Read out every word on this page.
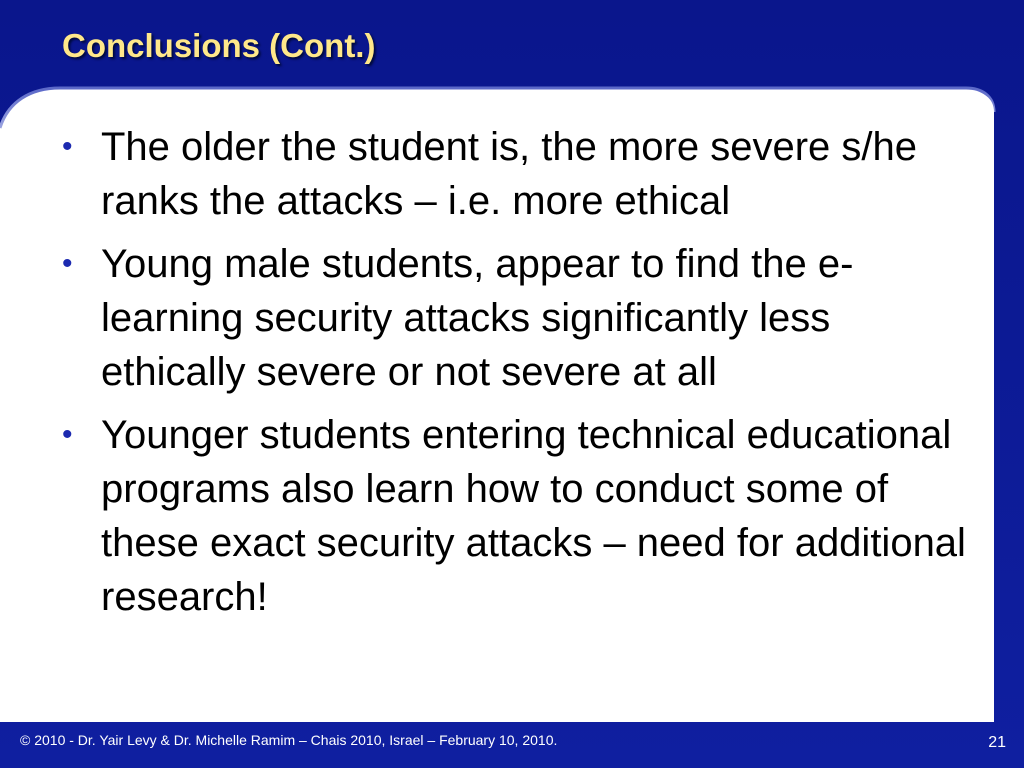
Conclusions (Cont.)
• The older the student is, the more severe s/he ranks the attacks – i.e. more ethical
• Young male students, appear to find the e-learning security attacks significantly less ethically severe or not severe at all
• Younger students entering technical educational programs also learn how to conduct some of these exact security attacks – need for additional research!
© 2010 - Dr. Yair Levy & Dr. Michelle Ramim – Chais 2010, Israel – February 10, 2010.	21
